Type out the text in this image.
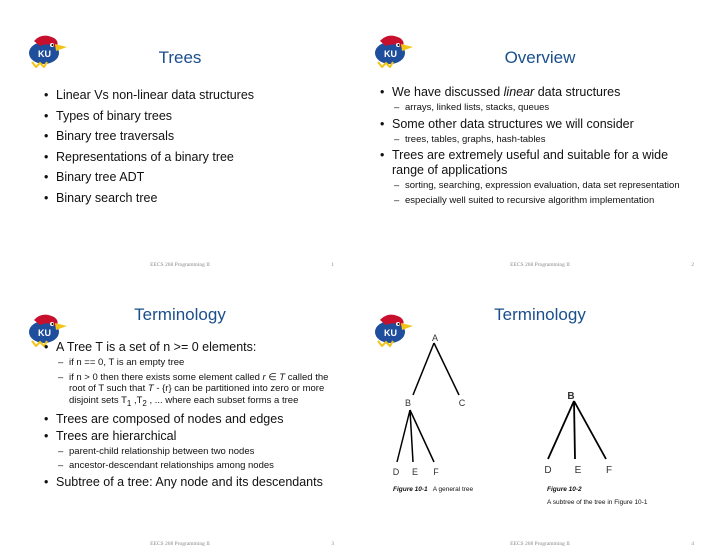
Trees
• Linear Vs non-linear data structures
• Types of binary trees
• Binary tree traversals
• Representations of a binary tree
• Binary tree ADT
• Binary search tree
EECS 268 Programming II	1
Overview
• We have discussed linear data structures
– arrays, linked lists, stacks, queues
• Some other data structures we will consider
– trees, tables, graphs, hash-tables
• Trees are extremely useful and suitable for a wide range of applications
– sorting, searching, expression evaluation, data set representation
– especially well suited to recursive algorithm implementation
EECS 268 Programming II	2
Terminology
• A Tree T is a set of n >= 0 elements:
– if n == 0, T is an empty tree
– if n > 0 then there exists some element called r ∈ T called the root of T such that T - {r} can be partitioned into zero or more disjoint sets $T_1$ $,T_2$ , ... where each subset forms a tree
• Trees are composed of nodes and edges
• Trees are hierarchical
– parent-child relationship between two nodes
– ancestor-descendant relationships among nodes
• Subtree of a tree: Any node and its descendants
EECS 268 Programming II	3
Terminology
A
B	C
D E F
B
D E F
Figure 10-1 A general tree	Figure 10-2
A subtree of the tree in Figure 10-1
EECS 268 Programming II	4
